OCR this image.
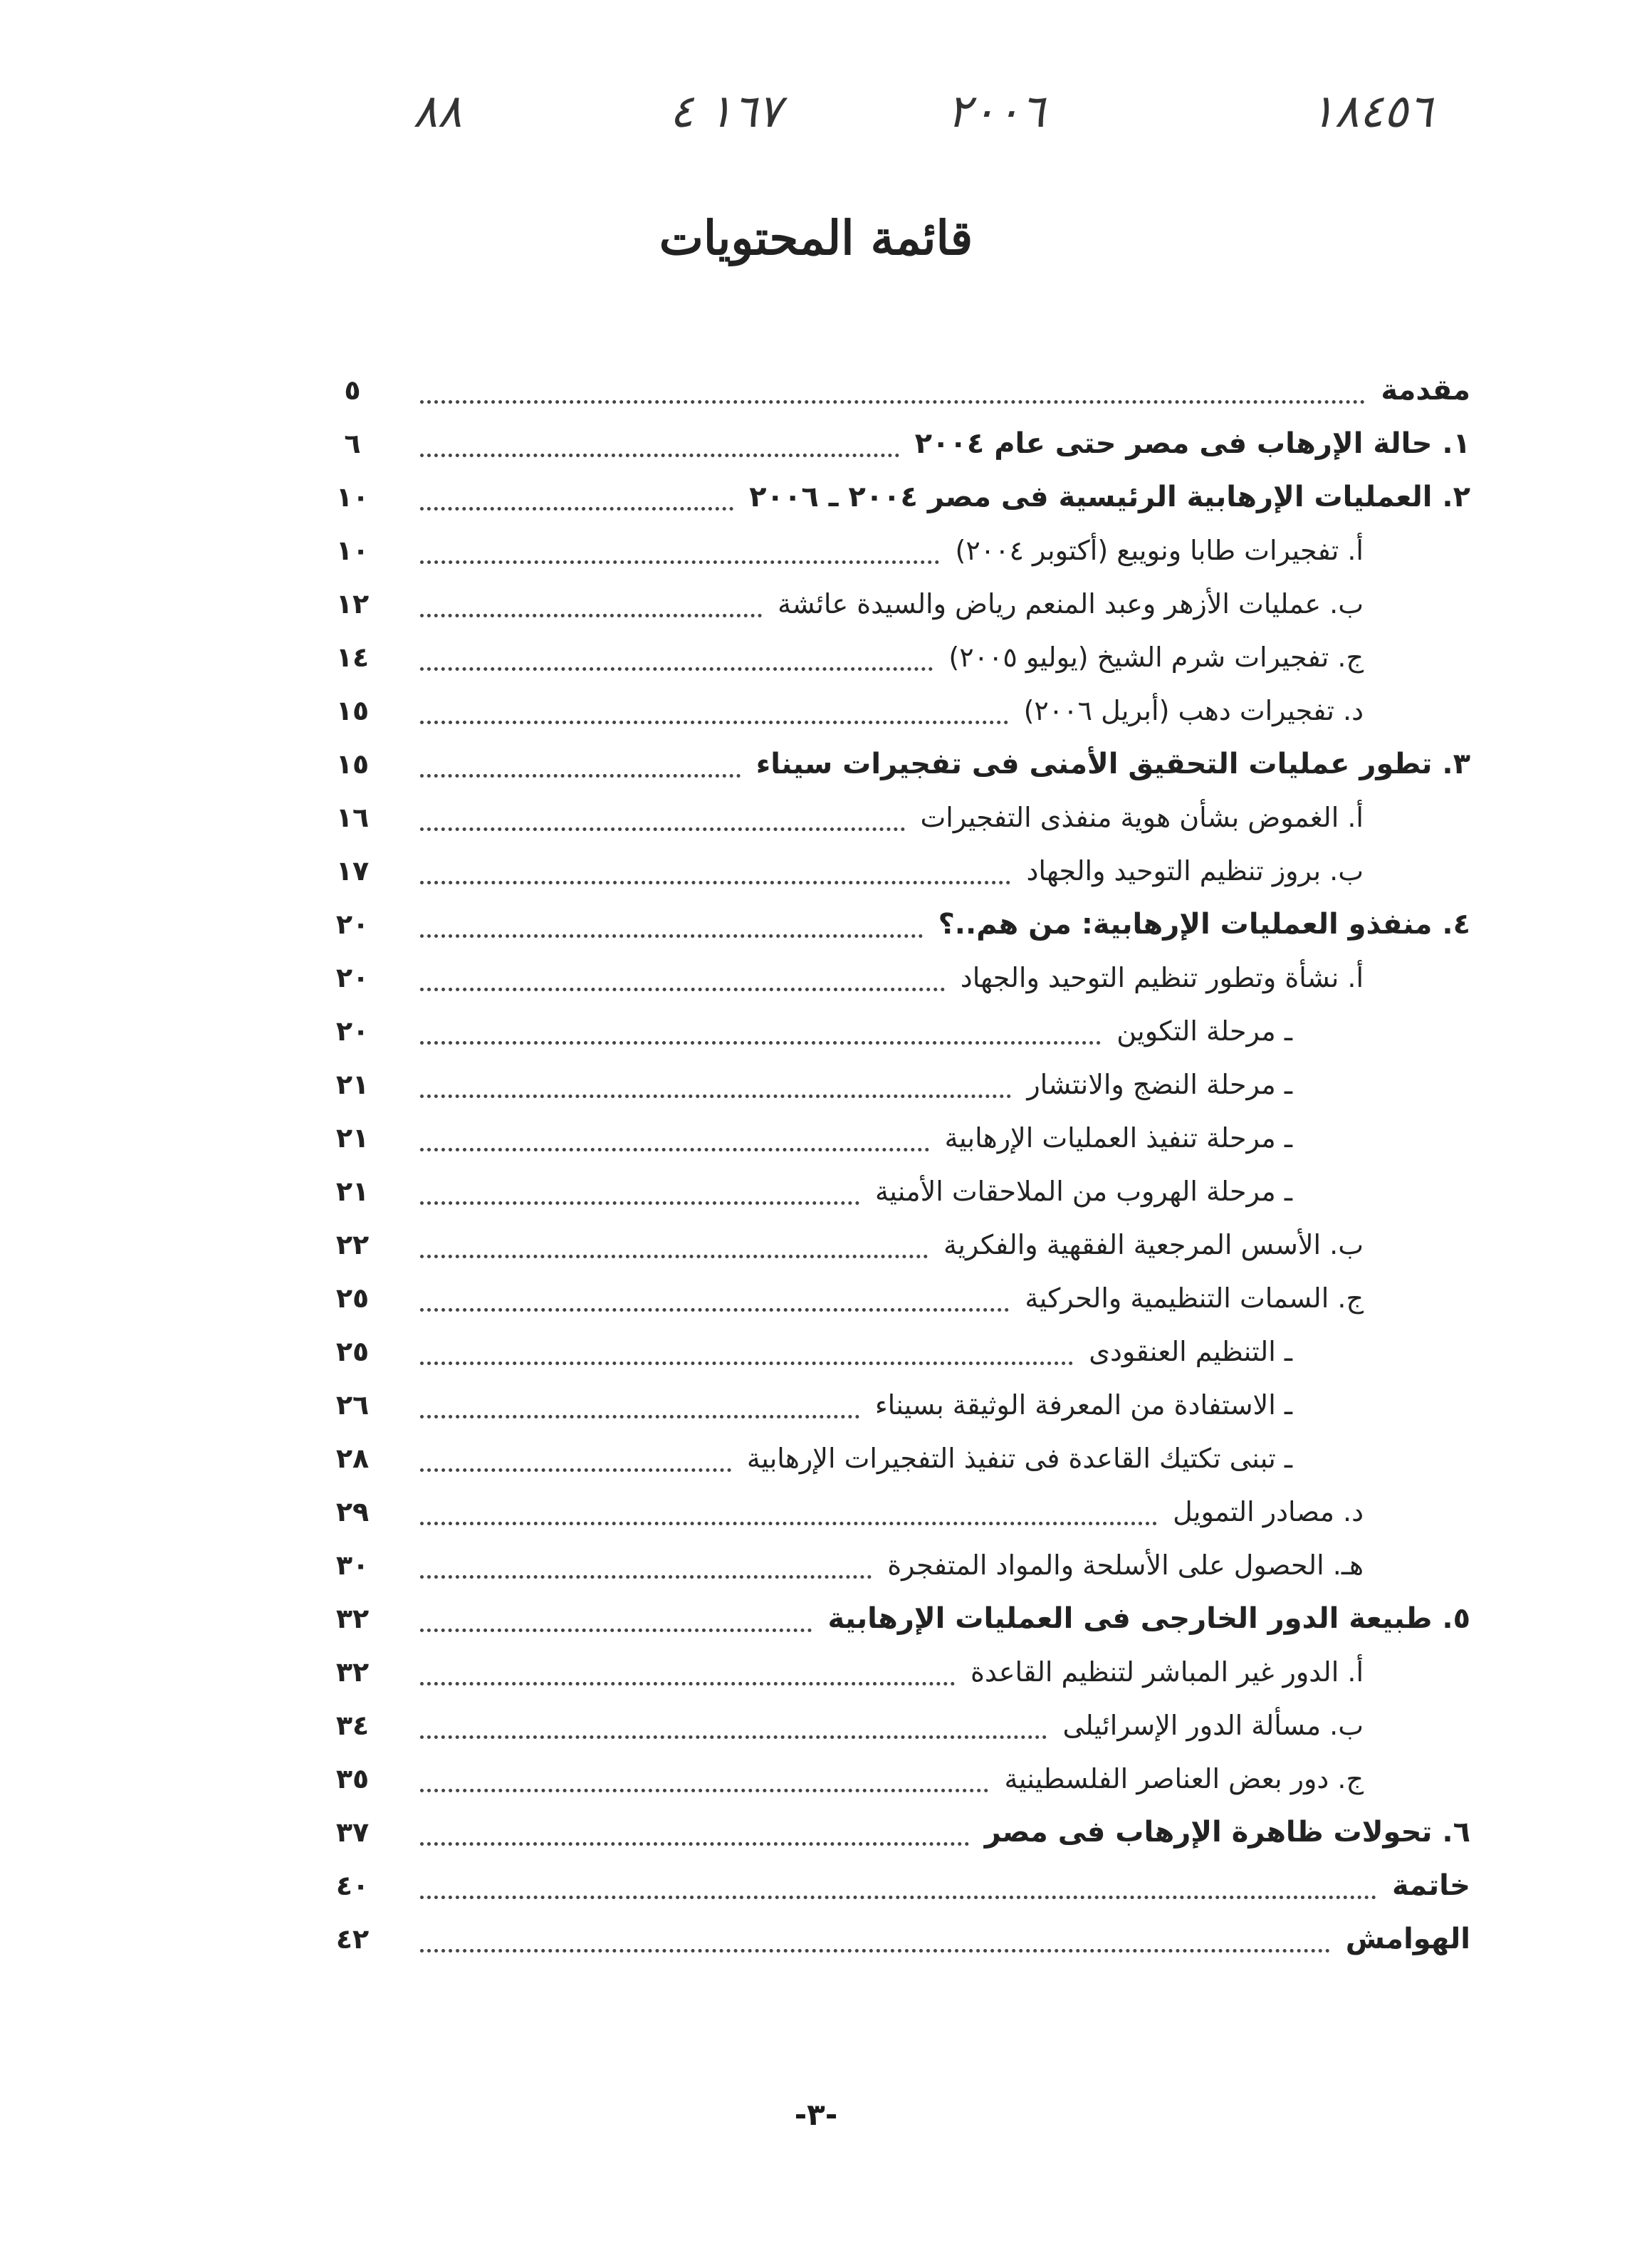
١٨٤٥٦
٢٠٠٦
١٦٧ ٤
٨٨
قائمة المحتويات
مقدمة
٥
١. حالة الإرهاب فى مصر حتى عام ٢٠٠٤
٦
٢. العمليات الإرهابية الرئيسية فى مصر ٢٠٠٤ ـ ٢٠٠٦
١٠
أ. تفجيرات طابا ونويبع (أكتوبر ٢٠٠٤)
١٠
ب. عمليات الأزهر وعبد المنعم رياض والسيدة عائشة
١٢
ج. تفجيرات شرم الشيخ (يوليو ٢٠٠٥)
١٤
د. تفجيرات دهب (أبريل ٢٠٠٦)
١٥
٣. تطور عمليات التحقيق الأمنى فى تفجيرات سيناء
١٥
أ. الغموض بشأن هوية منفذى التفجيرات
١٦
ب. بروز تنظيم التوحيد والجهاد
١٧
٤. منفذو العمليات الإرهابية: من هم..؟
٢٠
أ. نشأة وتطور تنظيم التوحيد والجهاد
٢٠
ـ مرحلة التكوين
٢٠
ـ مرحلة النضج والانتشار
٢١
ـ مرحلة تنفيذ العمليات الإرهابية
٢١
ـ مرحلة الهروب من الملاحقات الأمنية
٢١
ب. الأسس المرجعية الفقهية والفكرية
٢٢
ج. السمات التنظيمية والحركية
٢٥
ـ التنظيم العنقودى
٢٥
ـ الاستفادة من المعرفة الوثيقة بسيناء
٢٦
ـ تبنى تكتيك القاعدة فى تنفيذ التفجيرات الإرهابية
٢٨
د. مصادر التمويل
٢٩
هـ. الحصول على الأسلحة والمواد المتفجرة
٣٠
٥. طبيعة الدور الخارجى فى العمليات الإرهابية
٣٢
أ. الدور غير المباشر لتنظيم القاعدة
٣٢
ب. مسألة الدور الإسرائيلى
٣٤
ج. دور بعض العناصر الفلسطينية
٣٥
٦. تحولات ظاهرة الإرهاب فى مصر
٣٧
خاتمة
٤٠
الهوامش
٤٢
-٣-
